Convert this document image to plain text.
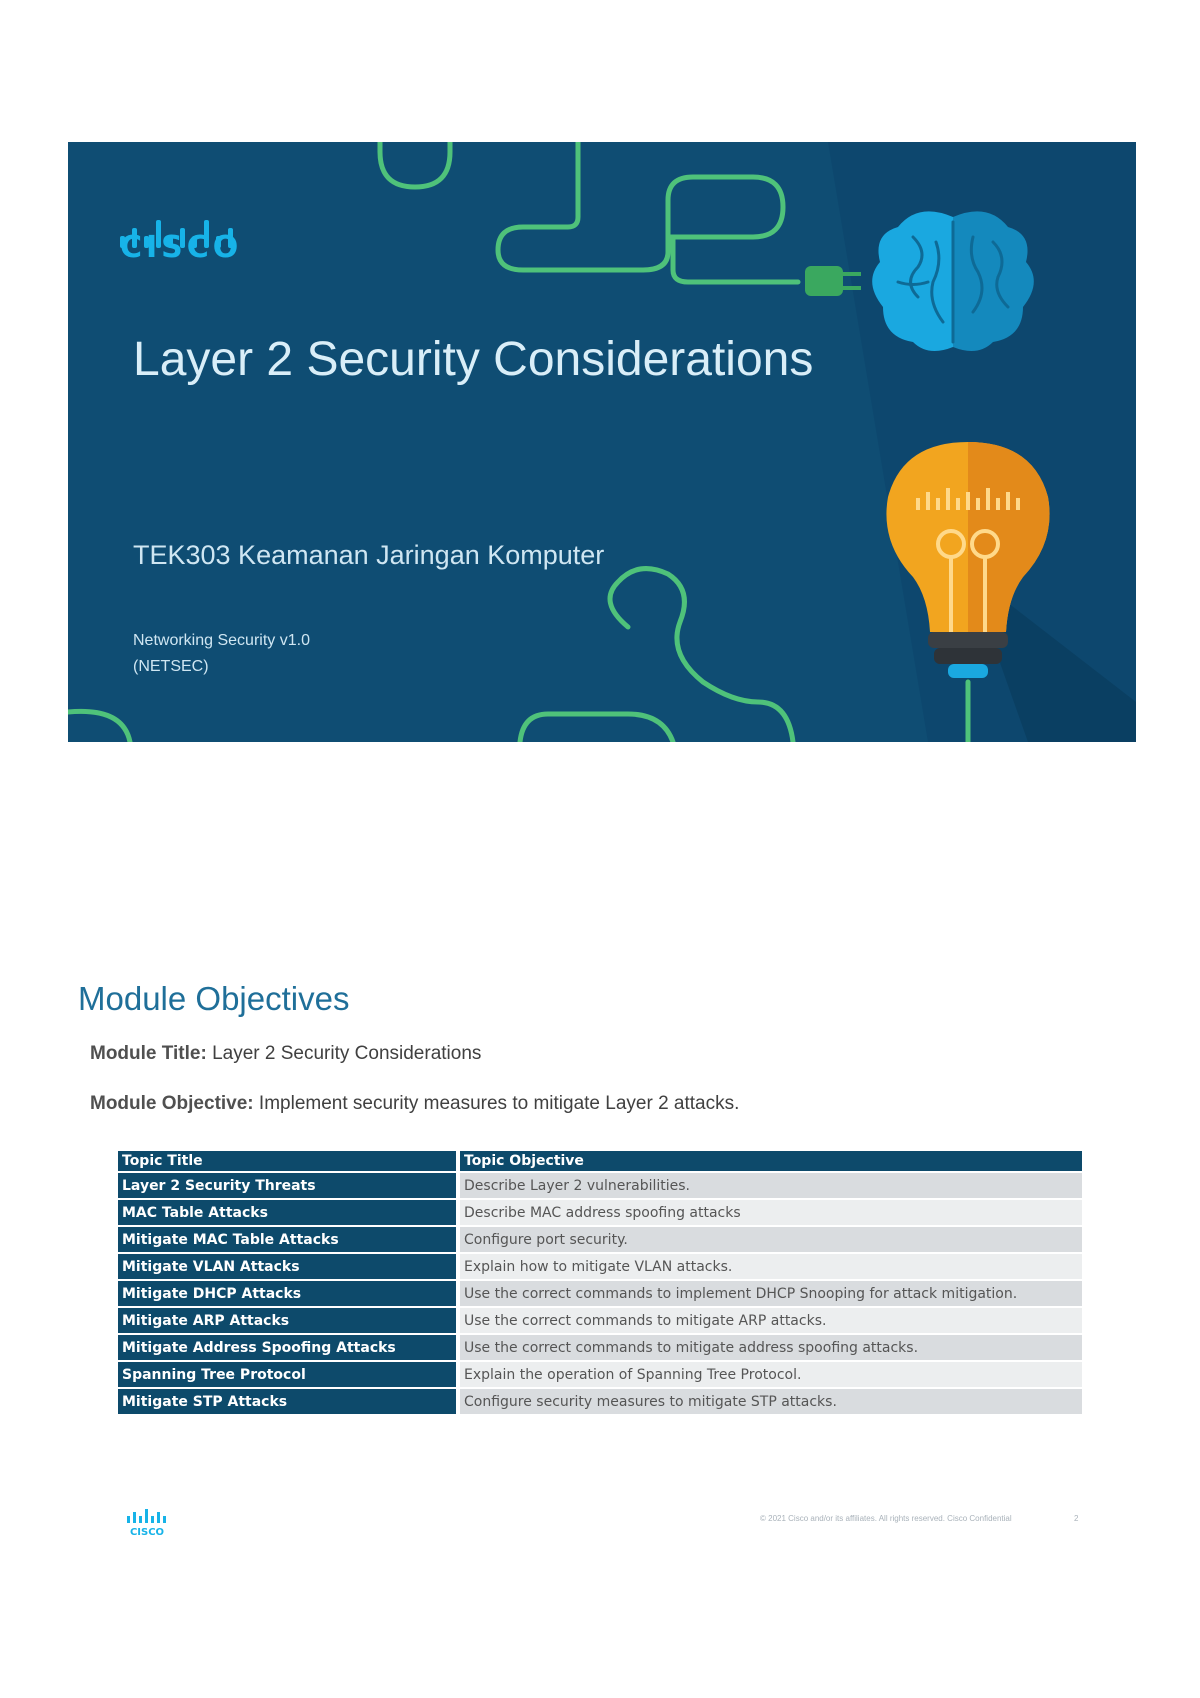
CISCO
Layer 2 Security Considerations
TEK303 Keamanan Jaringan Komputer
Networking Security v1.0
(NETSEC)
Module Objectives
Module Title: Layer 2 Security Considerations
Module Objective: Implement security measures to mitigate Layer 2 attacks.
Topic Title	Topic Objective
Layer 2 Security Threats	Describe Layer 2 vulnerabilities.
MAC Table Attacks	Describe MAC address spoofing attacks
Mitigate MAC Table Attacks	Configure port security.
Mitigate VLAN Attacks	Explain how to mitigate VLAN attacks.
Mitigate DHCP Attacks	Use the correct commands to implement DHCP Snooping for attack mitigation.
Mitigate ARP Attacks	Use the correct commands to mitigate ARP attacks.
Mitigate Address Spoofing Attacks	Use the correct commands to mitigate address spoofing attacks.
Spanning Tree Protocol	Explain the operation of Spanning Tree Protocol.
Mitigate STP Attacks	Configure security measures to mitigate STP attacks.
CISCO
© 2021 Cisco and/or its affiliates. All rights reserved. Cisco Confidential	2
